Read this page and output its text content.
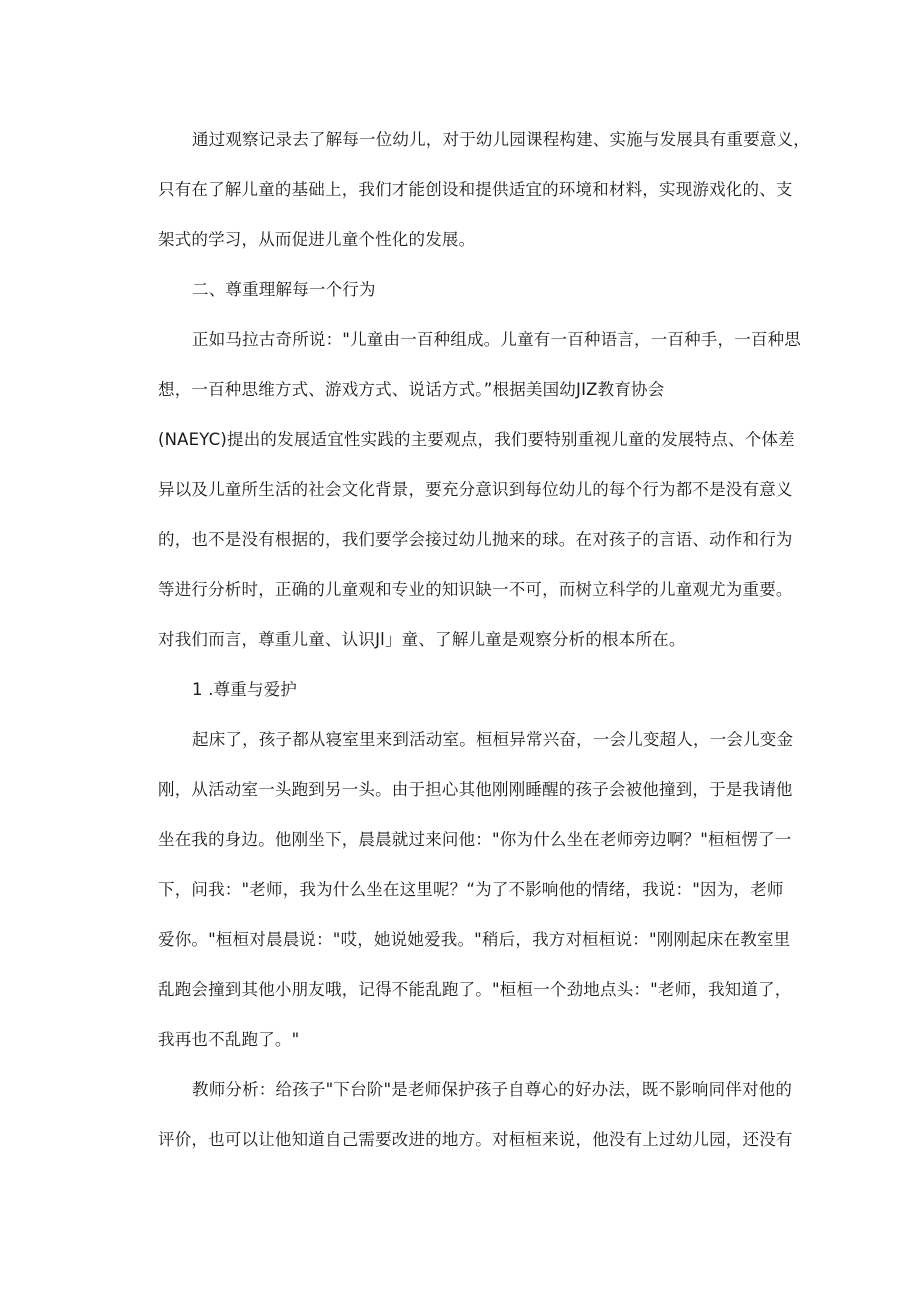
通过观察记录去了解每一位幼儿，对于幼儿园课程构建、实施与发展具有重要意义，
只有在了解儿童的基础上，我们才能创设和提供适宜的环境和材料，实现游戏化的、支
架式的学习，从而促进儿童个性化的发展。
二、尊重理解每一个行为
正如马拉古奇所说："儿童由一百种组成。儿童有一百种语言，一百种手，一百种思
想，一百种思维方式、游戏方式、说话方式。”根据美国幼JIZ教育协会
(NAEYC)提出的发展适宜性实践的主要观点，我们要特别重视儿童的发展特点、个体差
异以及儿童所生活的社会文化背景，要充分意识到每位幼儿的每个行为都不是没有意义
的，也不是没有根据的，我们要学会接过幼儿抛来的球。在对孩子的言语、动作和行为
等进行分析时，正确的儿童观和专业的知识缺一不可，而树立科学的儿童观尤为重要。
对我们而言，尊重儿童、认识Jl」童、了解儿童是观察分析的根本所在。
1 .尊重与爱护
起床了，孩子都从寝室里来到活动室。桓桓异常兴奋，一会儿变超人，一会儿变金
刚，从活动室一头跑到另一头。由于担心其他刚刚睡醒的孩子会被他撞到，于是我请他
坐在我的身边。他刚坐下，晨晨就过来问他："你为什么坐在老师旁边啊？"桓桓愣了一
下，问我："老师，我为什么坐在这里呢？“为了不影响他的情绪，我说："因为，老师
爱你。"桓桓对晨晨说："哎，她说她爱我。"稍后，我方对桓桓说："刚刚起床在教室里
乱跑会撞到其他小朋友哦，记得不能乱跑了。"桓桓一个劲地点头："老师，我知道了，
我再也不乱跑了。"
教师分析：给孩子"下台阶"是老师保护孩子自尊心的好办法，既不影响同伴对他的
评价，也可以让他知道自己需要改进的地方。对桓桓来说，他没有上过幼儿园，还没有
